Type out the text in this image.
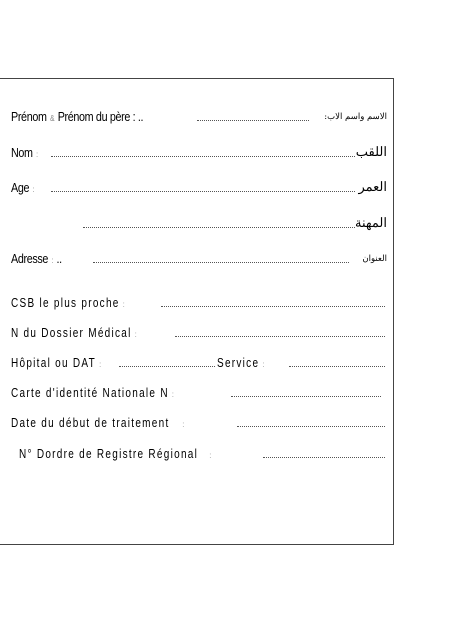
Prénom & Prénom du père : ..	الاسم واسم الاب:
Nom :	اللقب
Age :	العمر
المهنة
Adresse : ..	العنوان
CSB le plus proche :
N du Dossier Médical :
Hôpital ou DAT :	Service :
Carte d'identité Nationale N :
Date du début de traitement :
N° Dordre de Registre Régional :
